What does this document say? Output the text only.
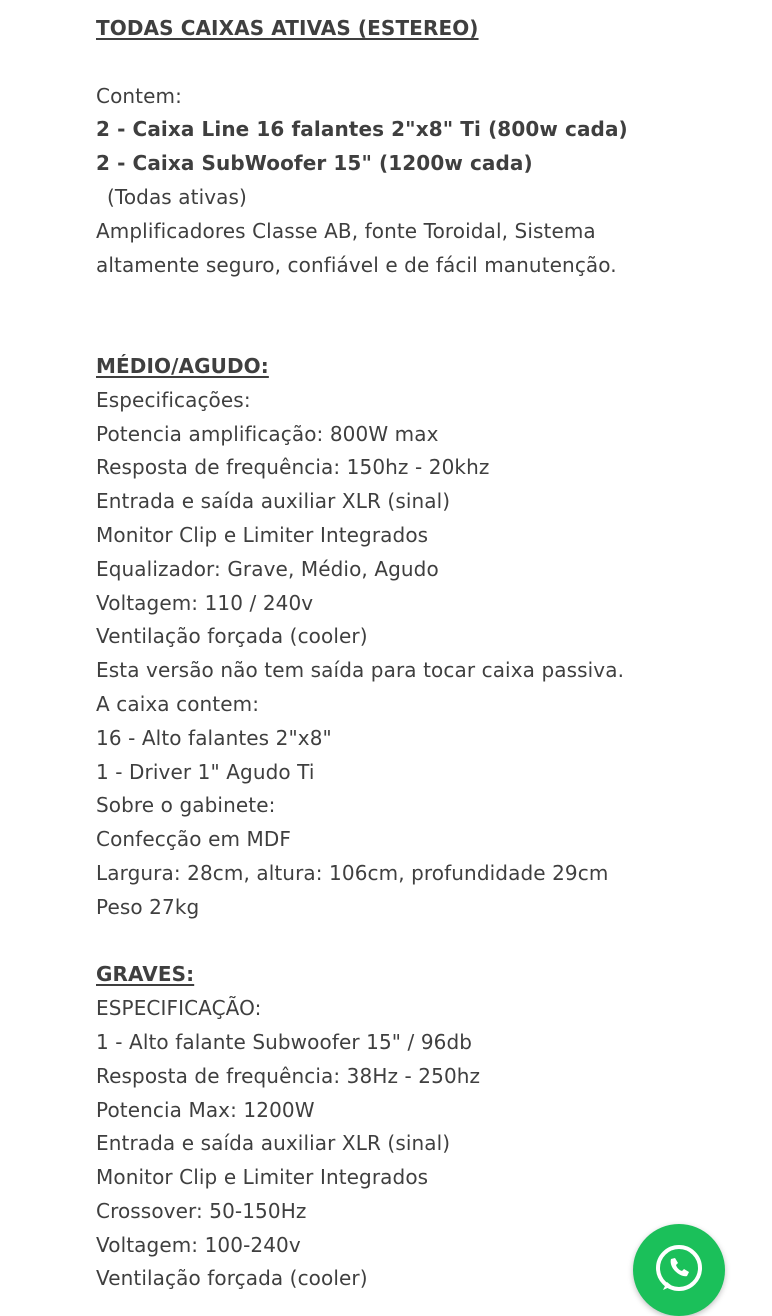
TODAS CAIXAS ATIVAS (ESTEREO)
Contem:
2 - Caixa Line 16 falantes 2"x8" Ti (800w cada)
2 - Caixa SubWoofer 15" (1200w cada)
(Todas ativas)
Amplificadores Classe AB, fonte Toroidal, Sistema
altamente seguro, confiável e de fácil manutenção.
MÉDIO/AGUDO:
Especificações:
Potencia amplificação: 800W max
Resposta de frequência: 150hz - 20khz
Entrada e saída auxiliar XLR (sinal)
Monitor Clip e Limiter Integrados
Equalizador: Grave, Médio, Agudo
Voltagem: 110 / 240v
Ventilação forçada (cooler)
Esta versão não tem saída para tocar caixa passiva.
A caixa contem:
16 - Alto falantes 2"x8"
1 - Driver 1" Agudo Ti
Sobre o gabinete:
Confecção em MDF
Largura: 28cm, altura: 106cm, profundidade 29cm
Peso 27kg
GRAVES:
ESPECIFICAÇÃO:
1 - Alto falante Subwoofer 15" / 96db
Resposta de frequência: 38Hz - 250hz
Potencia Max: 1200W
Entrada e saída auxiliar XLR (sinal)
Monitor Clip e Limiter Integrados
Crossover: 50-150Hz
Voltagem: 100-240v
Ventilação forçada (cooler)
